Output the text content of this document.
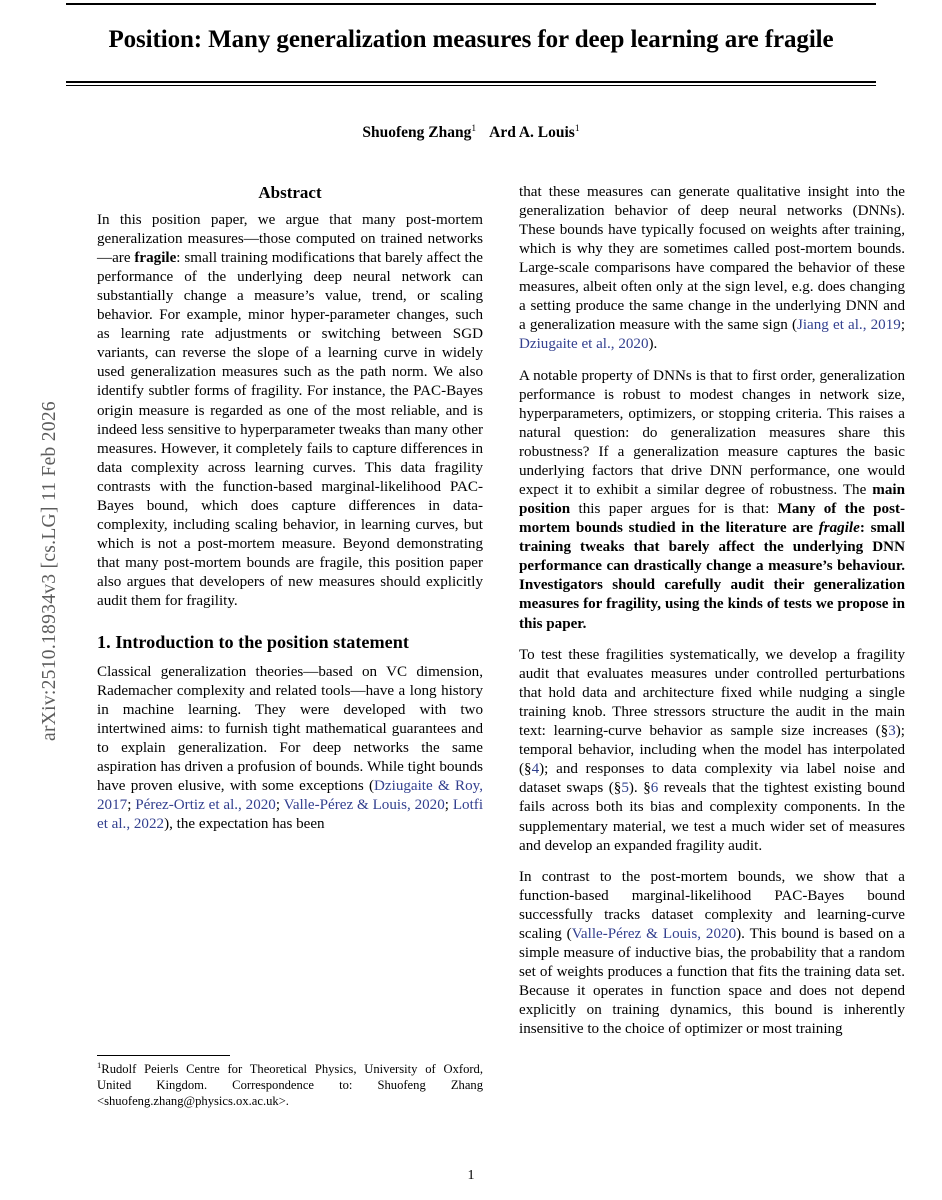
arXiv:2510.18934v3 [cs.LG] 11 Feb 2026
Position: Many generalization measures for deep learning are fragile
Shuofeng Zhang$^1$ Ard A. Louis$^1$
Abstract

In this position paper, we argue that many post-mortem generalization measures—those computed on trained networks—are fragile: small training modifications that barely affect the performance of the underlying deep neural network can substantially change a measure’s value, trend, or scaling behavior. For example, minor hyper-parameter changes, such as learning rate adjustments or switching between SGD variants, can reverse the slope of a learning curve in widely used generalization measures such as the path norm. We also identify subtler forms of fragility. For instance, the PAC-Bayes origin measure is regarded as one of the most reliable, and is indeed less sensitive to hyperparameter tweaks than many other measures. However, it completely fails to capture differences in data complexity across learning curves. This data fragility contrasts with the function-based marginal-likelihood PAC-Bayes bound, which does capture differences in data-complexity, including scaling behavior, in learning curves, but which is not a post-mortem measure. Beyond demonstrating that many post-mortem bounds are fragile, this position paper also argues that developers of new measures should explicitly audit them for fragility.

1. Introduction to the position statement

Classical generalization theories—based on VC dimension, Rademacher complexity and related tools—have a long history in machine learning. They were developed with two intertwined aims: to furnish tight mathematical guarantees and to explain generalization. For deep networks the same aspiration has driven a profusion of bounds. While tight bounds have proven elusive, with some exceptions (Dziugaite & Roy, 2017; Pérez-Ortiz et al., 2020; Valle-Pérez & Louis, 2020; Lotfi et al., 2022), the expectation has been

that these measures can generate qualitative insight into the generalization behavior of deep neural networks (DNNs). These bounds have typically focused on weights after training, which is why they are sometimes called post-mortem bounds. Large-scale comparisons have compared the behavior of these measures, albeit often only at the sign level, e.g. does changing a setting produce the same change in the underlying DNN and a generalization measure with the same sign (Jiang et al., 2019; Dziugaite et al., 2020).

A notable property of DNNs is that to first order, generalization performance is robust to modest changes in network size, hyperparameters, optimizers, or stopping criteria. This raises a natural question: do generalization measures share this robustness? If a generalization measure captures the basic underlying factors that drive DNN performance, one would expect it to exhibit a similar degree of robustness. The main position this paper argues for is that: Many of the post-mortem bounds studied in the literature are fragile: small training tweaks that barely affect the underlying DNN performance can drastically change a measure’s behaviour. Investigators should carefully audit their generalization measures for fragility, using the kinds of tests we propose in this paper.

To test these fragilities systematically, we develop a fragility audit that evaluates measures under controlled perturbations that hold data and architecture fixed while nudging a single training knob. Three stressors structure the audit in the main text: learning-curve behavior as sample size increases (§3); temporal behavior, including when the model has interpolated (§4); and responses to data complexity via label noise and dataset swaps (§5). §6 reveals that the tightest existing bound fails across both its bias and complexity components. In the supplementary material, we test a much wider set of measures and develop an expanded fragility audit.

In contrast to the post-mortem bounds, we show that a function-based marginal-likelihood PAC-Bayes bound successfully tracks dataset complexity and learning-curve scaling (Valle-Pérez & Louis, 2020). This bound is based on a simple measure of inductive bias, the probability that a random set of weights produces a function that fits the training data set. Because it operates in function space and does not depend explicitly on training dynamics, this bound is inherently insensitive to the choice of optimizer or most training

$^1$Rudolf Peierls Centre for Theoretical Physics, University of Oxford, United Kingdom. Correspondence to: Shuofeng Zhang <shuofeng.zhang@physics.ox.ac.uk>.
1
